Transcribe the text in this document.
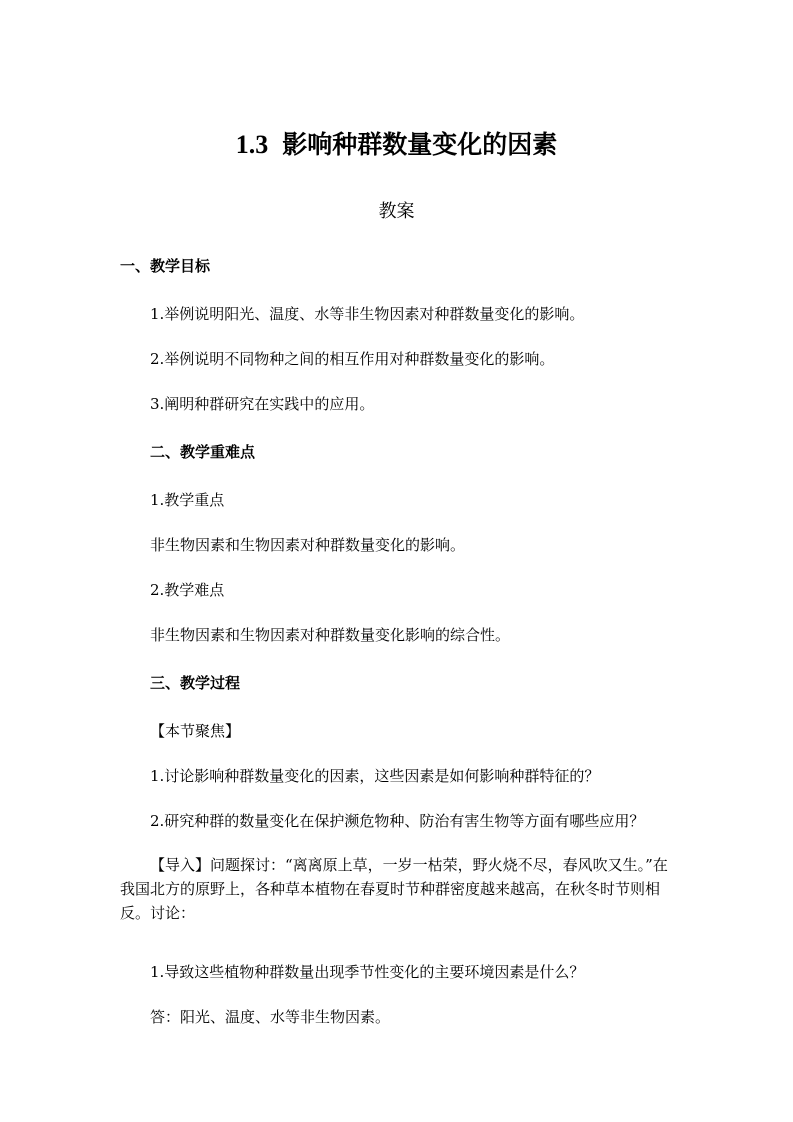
1.3 影响种群数量变化的因素
教案
一、教学目标
1.举例说明阳光、温度、水等非生物因素对种群数量变化的影响。
2.举例说明不同物种之间的相互作用对种群数量变化的影响。
3.阐明种群研究在实践中的应用。
二、教学重难点
1.教学重点
非生物因素和生物因素对种群数量变化的影响。
2.教学难点
非生物因素和生物因素对种群数量变化影响的综合性。
三、教学过程
【本节聚焦】
1.讨论影响种群数量变化的因素，这些因素是如何影响种群特征的？
2.研究种群的数量变化在保护濒危物种、防治有害生物等方面有哪些应用？
【导入】问题探讨：“离离原上草，一岁一枯荣，野火烧不尽，春风吹又生。”在我国北方的原野上，各种草本植物在春夏时节种群密度越来越高，在秋冬时节则相反。讨论：
1.导致这些植物种群数量出现季节性变化的主要环境因素是什么？
答：阳光、温度、水等非生物因素。
